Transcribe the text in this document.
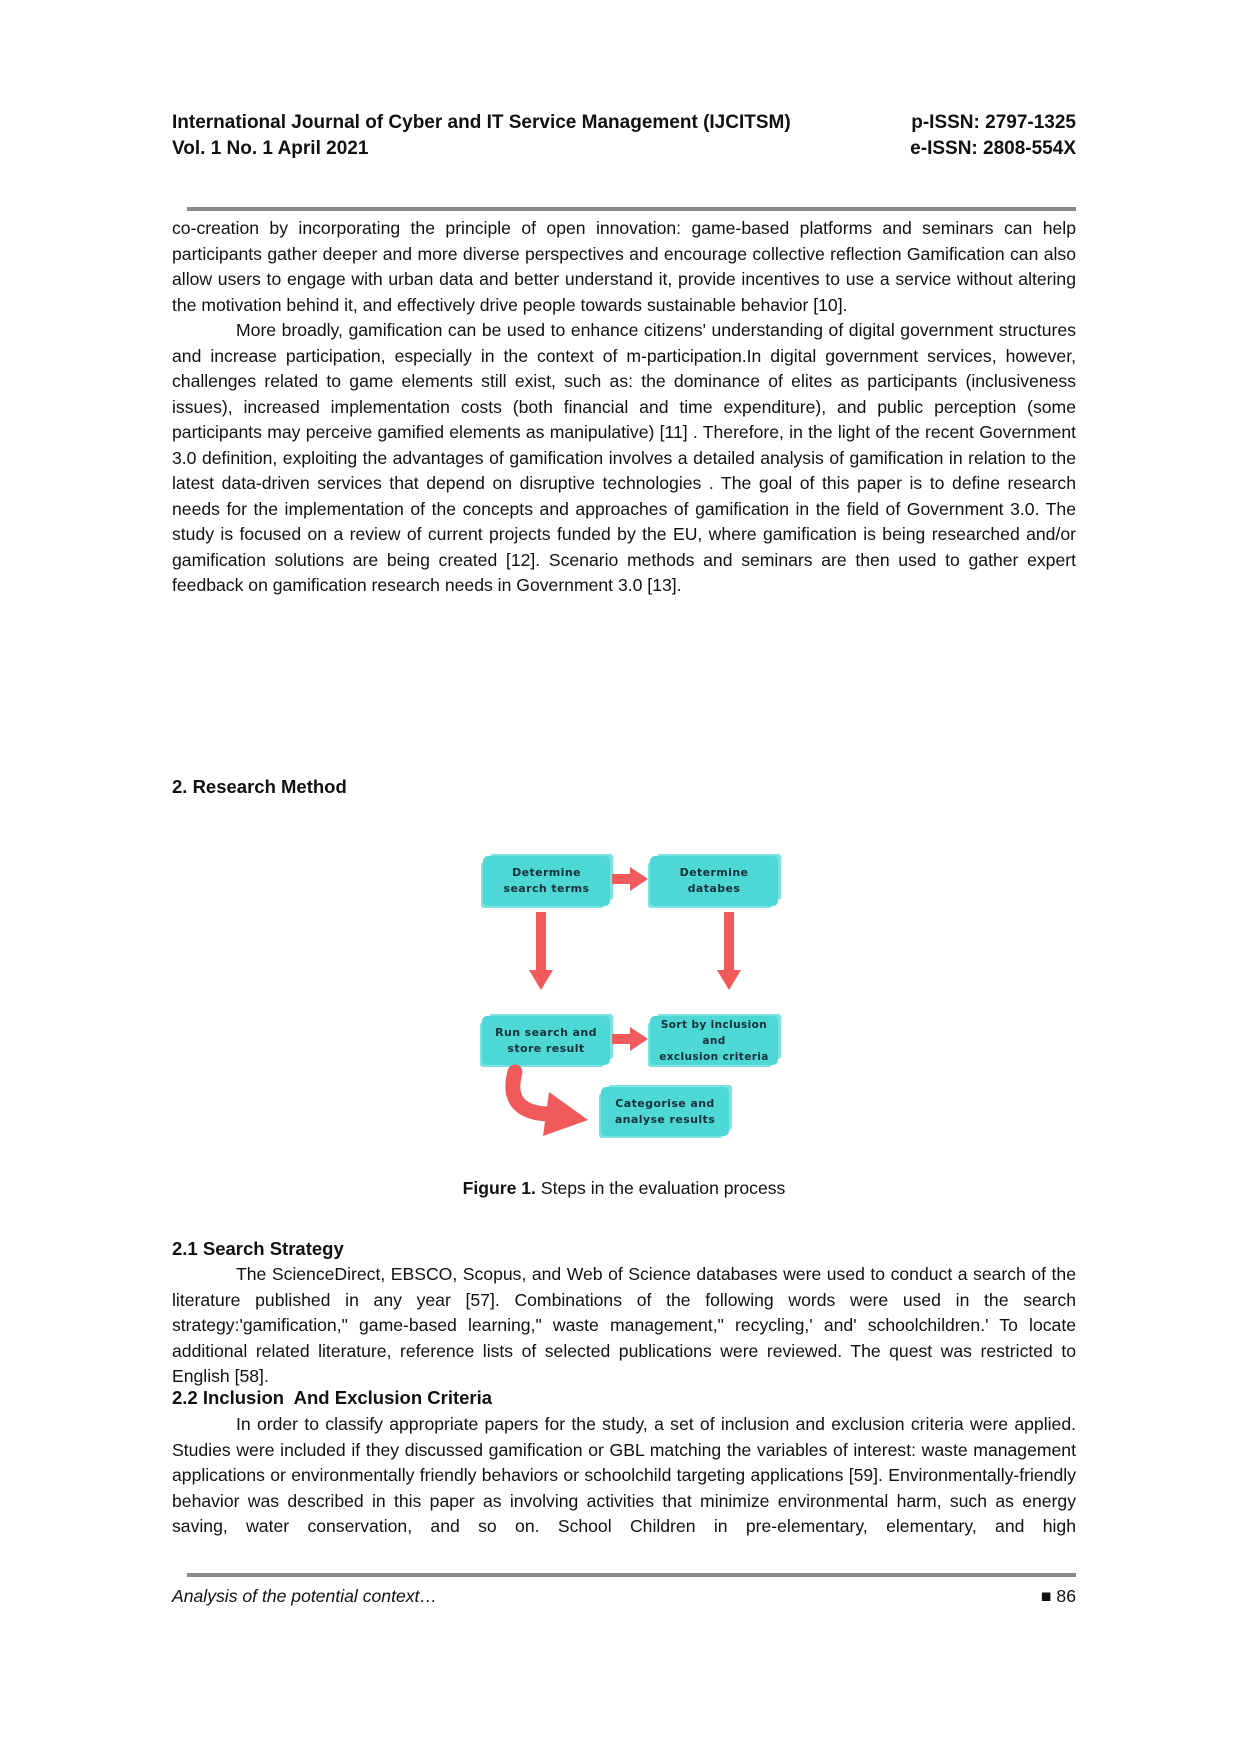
International Journal of Cyber and IT Service Management (IJCITSM)	p-ISSN: 2797-1325
Vol. 1 No. 1 April 2021	e-ISSN: 2808-554X

co-creation by incorporating the principle of open innovation: game-based platforms and seminars can help participants gather deeper and more diverse perspectives and encourage collective reflection Gamification can also allow users to engage with urban data and better understand it, provide incentives to use a service without altering the motivation behind it, and effectively drive people towards sustainable behavior [10].

More broadly, gamification can be used to enhance citizens' understanding of digital government structures and increase participation, especially in the context of m-participation.In digital government services, however, challenges related to game elements still exist, such as: the dominance of elites as participants (inclusiveness issues), increased implementation costs (both financial and time expenditure), and public perception (some participants may perceive gamified elements as manipulative) [11] . Therefore, in the light of the recent Government 3.0 definition, exploiting the advantages of gamification involves a detailed analysis of gamification in relation to the latest data-driven services that depend on disruptive technologies . The goal of this paper is to define research needs for the implementation of the concepts and approaches of gamification in the field of Government 3.0. The study is focused on a review of current projects funded by the EU, where gamification is being researched and/or gamification solutions are being created [12]. Scenario methods and seminars are then used to gather expert feedback on gamification research needs in Government 3.0 [13].

2. Research Method
Determine
search terms
Determine
databes
Run search and
store result
Sort by inclusion and
exclusion criteria
Categorise and
analyse results
Figure 1. Steps in the evaluation process
2.1 Search Strategy

The ScienceDirect, EBSCO, Scopus, and Web of Science databases were used to conduct a search of the literature published in any year [57]. Combinations of the following words were used in the search strategy:'gamification," game-based learning," waste management," recycling,' and' schoolchildren.' To locate additional related literature, reference lists of selected publications were reviewed. The quest was restricted to English [58].

2.2 Inclusion  And Exclusion Criteria

In order to classify appropriate papers for the study, a set of inclusion and exclusion criteria were applied. Studies were included if they discussed gamification or GBL matching the variables of interest: waste management applications or environmentally friendly behaviors or schoolchild targeting applications [59]. Environmentally-friendly behavior was described in this paper as involving activities that minimize environmental harm, such as energy saving, water conservation, and so on. School Children in pre-elementary, elementary, and high

Analysis of the potential context…	■ 86
